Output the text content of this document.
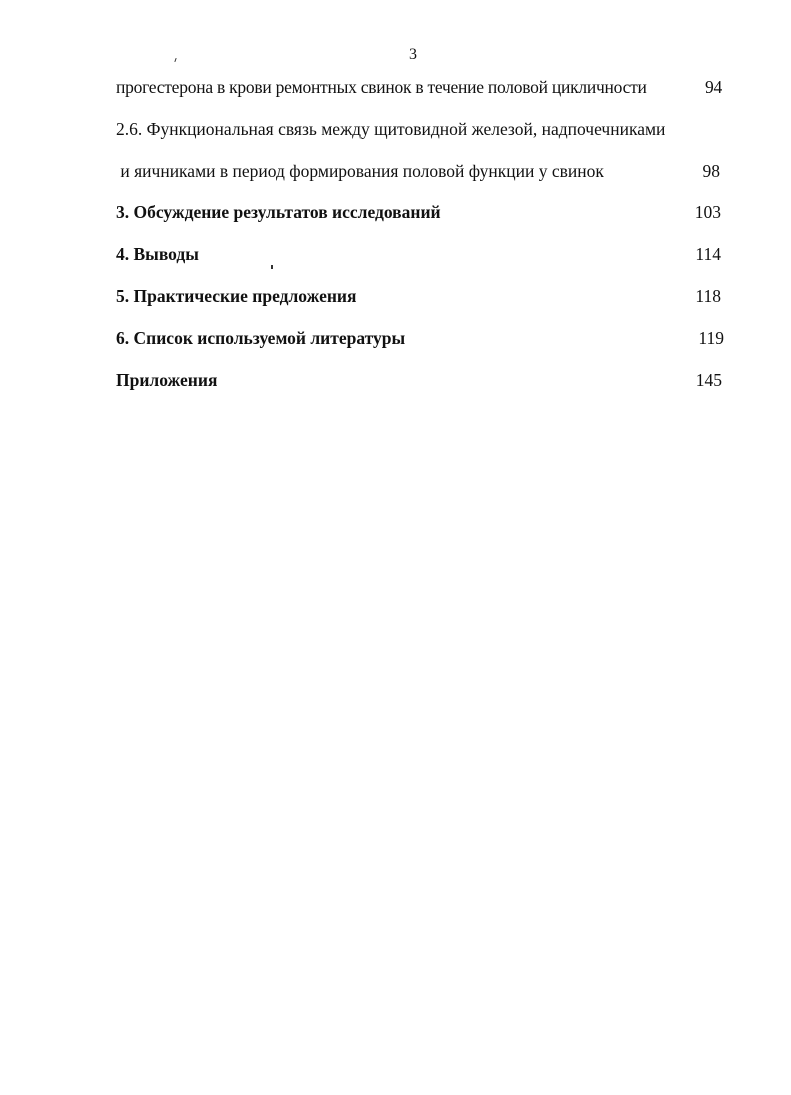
3
прогестерона в крови ремонтных свинок в течение половой цикличности	94
2.6. Функциональная связь между щитовидной железой, надпочечниками
и яичниками в период формирования половой функции у свинок	98
3. Обсуждение результатов исследований	103
4. Выводы	114
5. Практические предложения	118
6. Список используемой литературы	119
Приложения	145
